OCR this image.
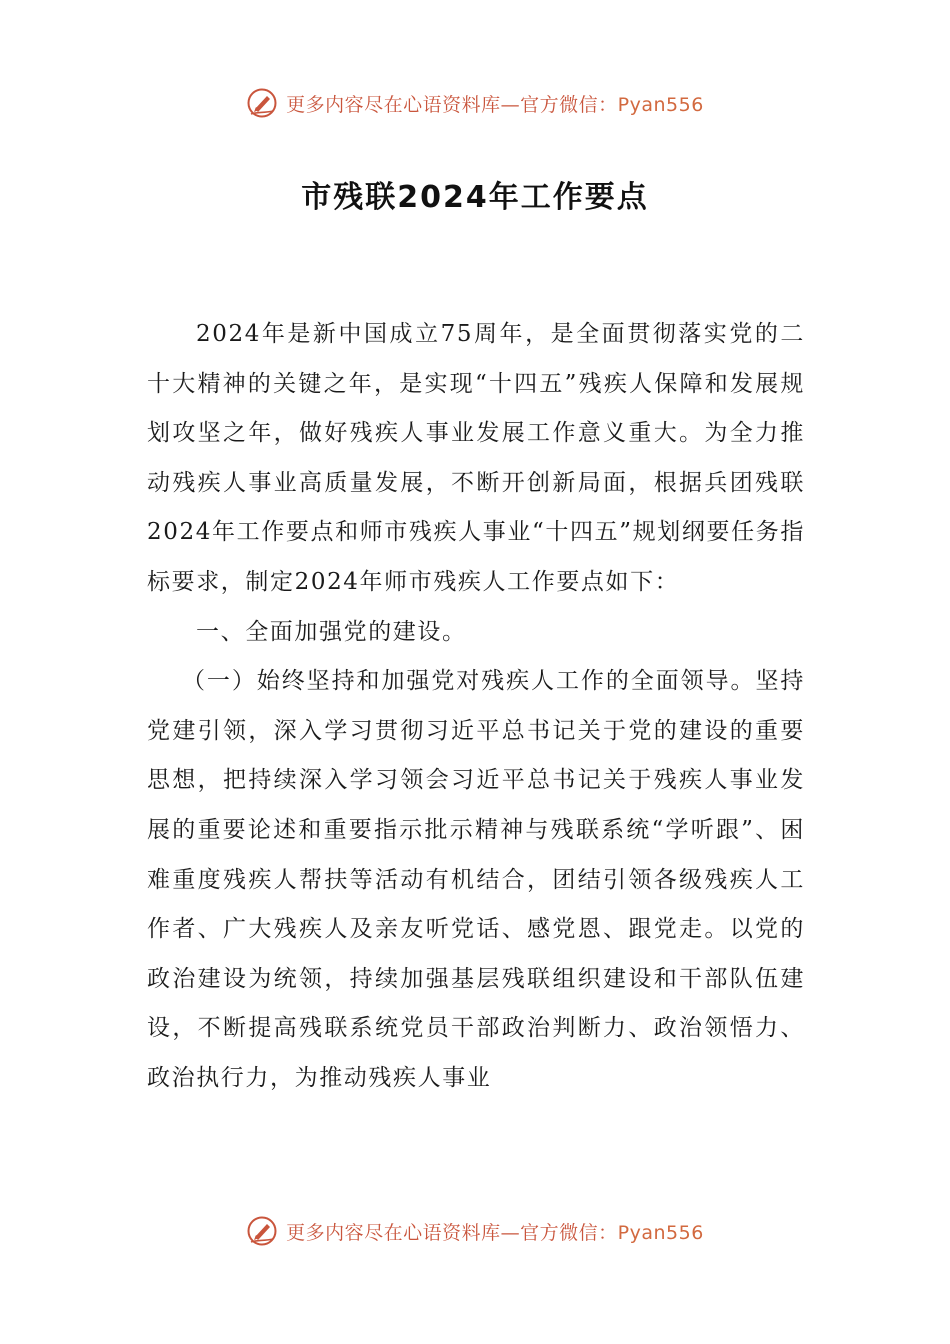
更多内容尽在心语资料库—官方微信：Pyan556
市残联2024年工作要点

2024年是新中国成立75周年，是全面贯彻落实党的二十大精神的关键之年，是实现“十四五”残疾人保障和发展规划攻坚之年，做好残疾人事业发展工作意义重大。为全力推动残疾人事业高质量发展，不断开创新局面，根据兵团残联2024年工作要点和师市残疾人事业“十四五”规划纲要任务指标要求，制定2024年师市残疾人工作要点如下：

一、全面加强党的建设。

（一）始终坚持和加强党对残疾人工作的全面领导。坚持党建引领，深入学习贯彻习近平总书记关于党的建设的重要思想，把持续深入学习领会习近平总书记关于残疾人事业发展的重要论述和重要指示批示精神与残联系统“学听跟”、困难重度残疾人帮扶等活动有机结合，团结引领各级残疾人工作者、广大残疾人及亲友听党话、感党恩、跟党走。以党的政治建设为统领，持续加强基层残联组织建设和干部队伍建设，不断提高残联系统党员干部政治判断力、政治领悟力、政治执行力，为推动残疾人事业

更多内容尽在心语资料库—官方微信：Pyan556
